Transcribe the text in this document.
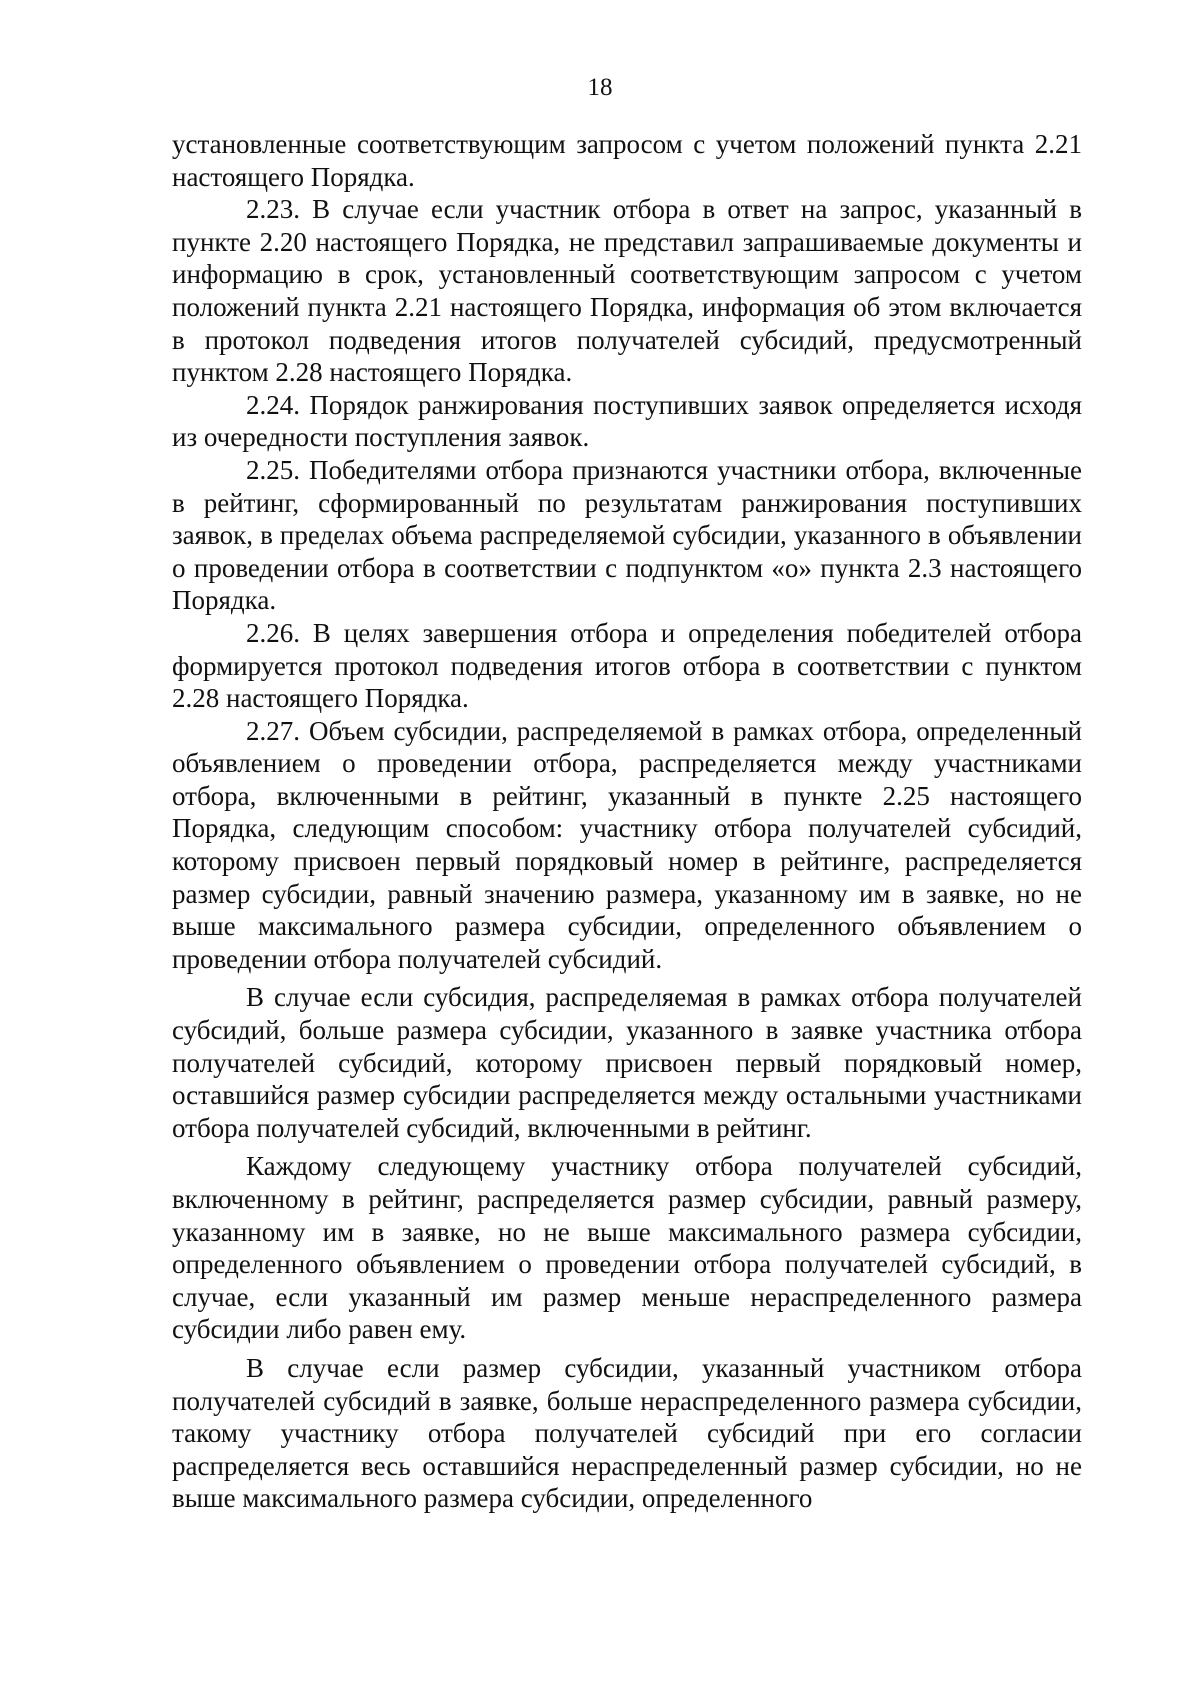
18

установленные соответствующим запросом с учетом положений пункта 2.21 настоящего Порядка.

2.23. В случае если участник отбора в ответ на запрос, указанный в пункте 2.20 настоящего Порядка, не представил запрашиваемые документы и информацию в срок, установленный соответствующим запросом с учетом положений пункта 2.21 настоящего Порядка, информация об этом включается в протокол подведения итогов получателей субсидий, предусмотренный пунктом 2.28 настоящего Порядка.

2.24. Порядок ранжирования поступивших заявок определяется исходя из очередности поступления заявок.

2.25. Победителями отбора признаются участники отбора, включенные в рейтинг, сформированный по результатам ранжирования поступивших заявок, в пределах объема распределяемой субсидии, указанного в объявлении о проведении отбора в соответствии с подпунктом «о» пункта 2.3 настоящего Порядка.

2.26. В целях завершения отбора и определения победителей отбора формируется протокол подведения итогов отбора в соответствии с пунктом 2.28 настоящего Порядка.

2.27. Объем субсидии, распределяемой в рамках отбора, определенный объявлением о проведении отбора, распределяется между участниками отбора, включенными в рейтинг, указанный в пункте 2.25 настоящего Порядка, следующим способом: участнику отбора получателей субсидий, которому присвоен первый порядковый номер в рейтинге, распределяется размер субсидии, равный значению размера, указанному им в заявке, но не выше максимального размера субсидии, определенного объявлением о проведении отбора получателей субсидий.

В случае если субсидия, распределяемая в рамках отбора получателей субсидий, больше размера субсидии, указанного в заявке участника отбора получателей субсидий, которому присвоен первый порядковый номер, оставшийся размер субсидии распределяется между остальными участниками отбора получателей субсидий, включенными в рейтинг.

Каждому следующему участнику отбора получателей субсидий, включенному в рейтинг, распределяется размер субсидии, равный размеру, указанному им в заявке, но не выше максимального размера субсидии, определенного объявлением о проведении отбора получателей субсидий, в случае, если указанный им размер меньше нераспределенного размера субсидии либо равен ему.

В случае если размер субсидии, указанный участником отбора получателей субсидий в заявке, больше нераспределенного размера субсидии, такому участнику отбора получателей субсидий при его согласии распределяется весь оставшийся нераспределенный размер субсидии, но не выше максимального размера субсидии, определенного
